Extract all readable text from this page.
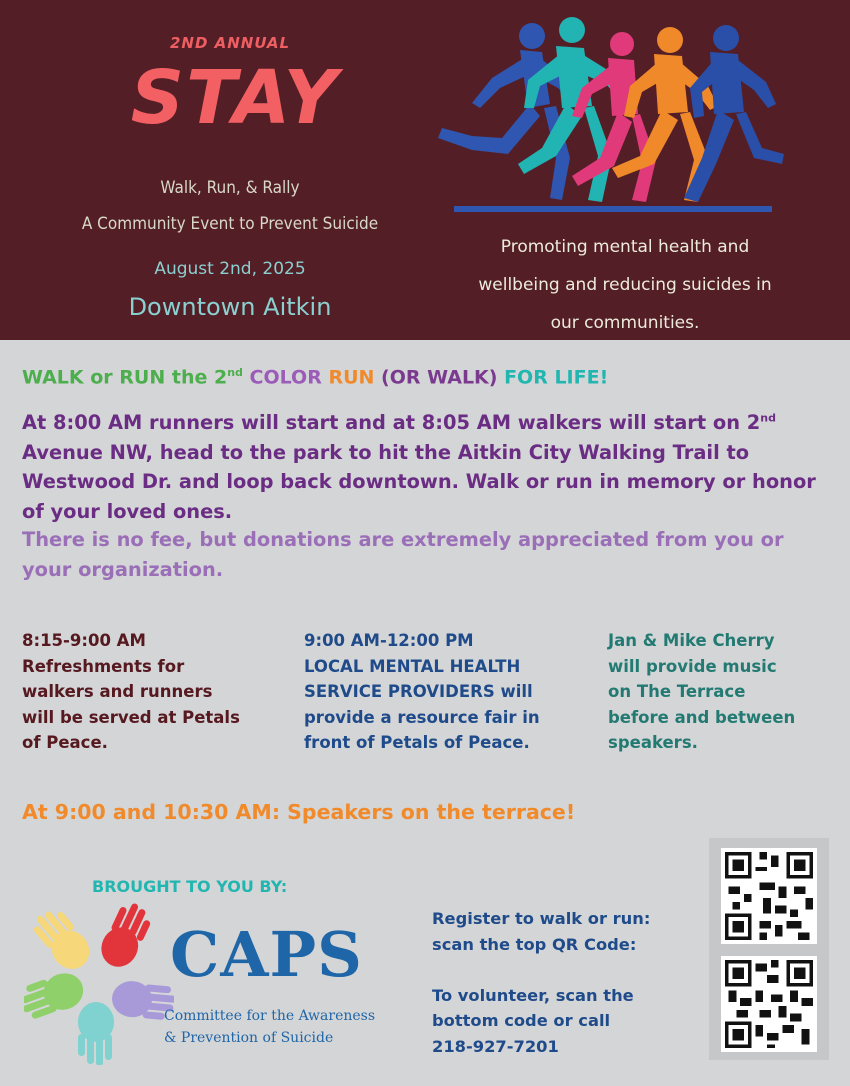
2ND ANNUAL
STAY
Walk, Run, & Rally
A Community Event to Prevent Suicide
August 2nd, 2025
Downtown Aitkin
Promoting mental health and
wellbeing and reducing suicides in
our communities.
WALK or RUN the 2nd COLOR RUN (OR WALK) FOR LIFE!
At 8:00 AM runners will start and at 8:05 AM walkers will start on 2nd Avenue NW, head to the park to hit the Aitkin City Walking Trail to Westwood Dr. and loop back downtown. Walk or run in memory or honor of your loved ones.
There is no fee, but donations are extremely appreciated from you or your organization.
8:15-9:00 AM
Refreshments for
walkers and runners
will be served at Petals
of Peace.
9:00 AM-12:00 PM
LOCAL MENTAL HEALTH
SERVICE PROVIDERS will
provide a resource fair in
front of Petals of Peace.
Jan & Mike Cherry
will provide music
on The Terrace
before and between
speakers.
At 9:00 and 10:30 AM: Speakers on the terrace!
BROUGHT TO YOU BY:
CAPS
Committee for the Awareness
& Prevention of Suicide
Register to walk or run:
scan the top QR Code:
To volunteer, scan the
bottom code or call
218-927-7201
